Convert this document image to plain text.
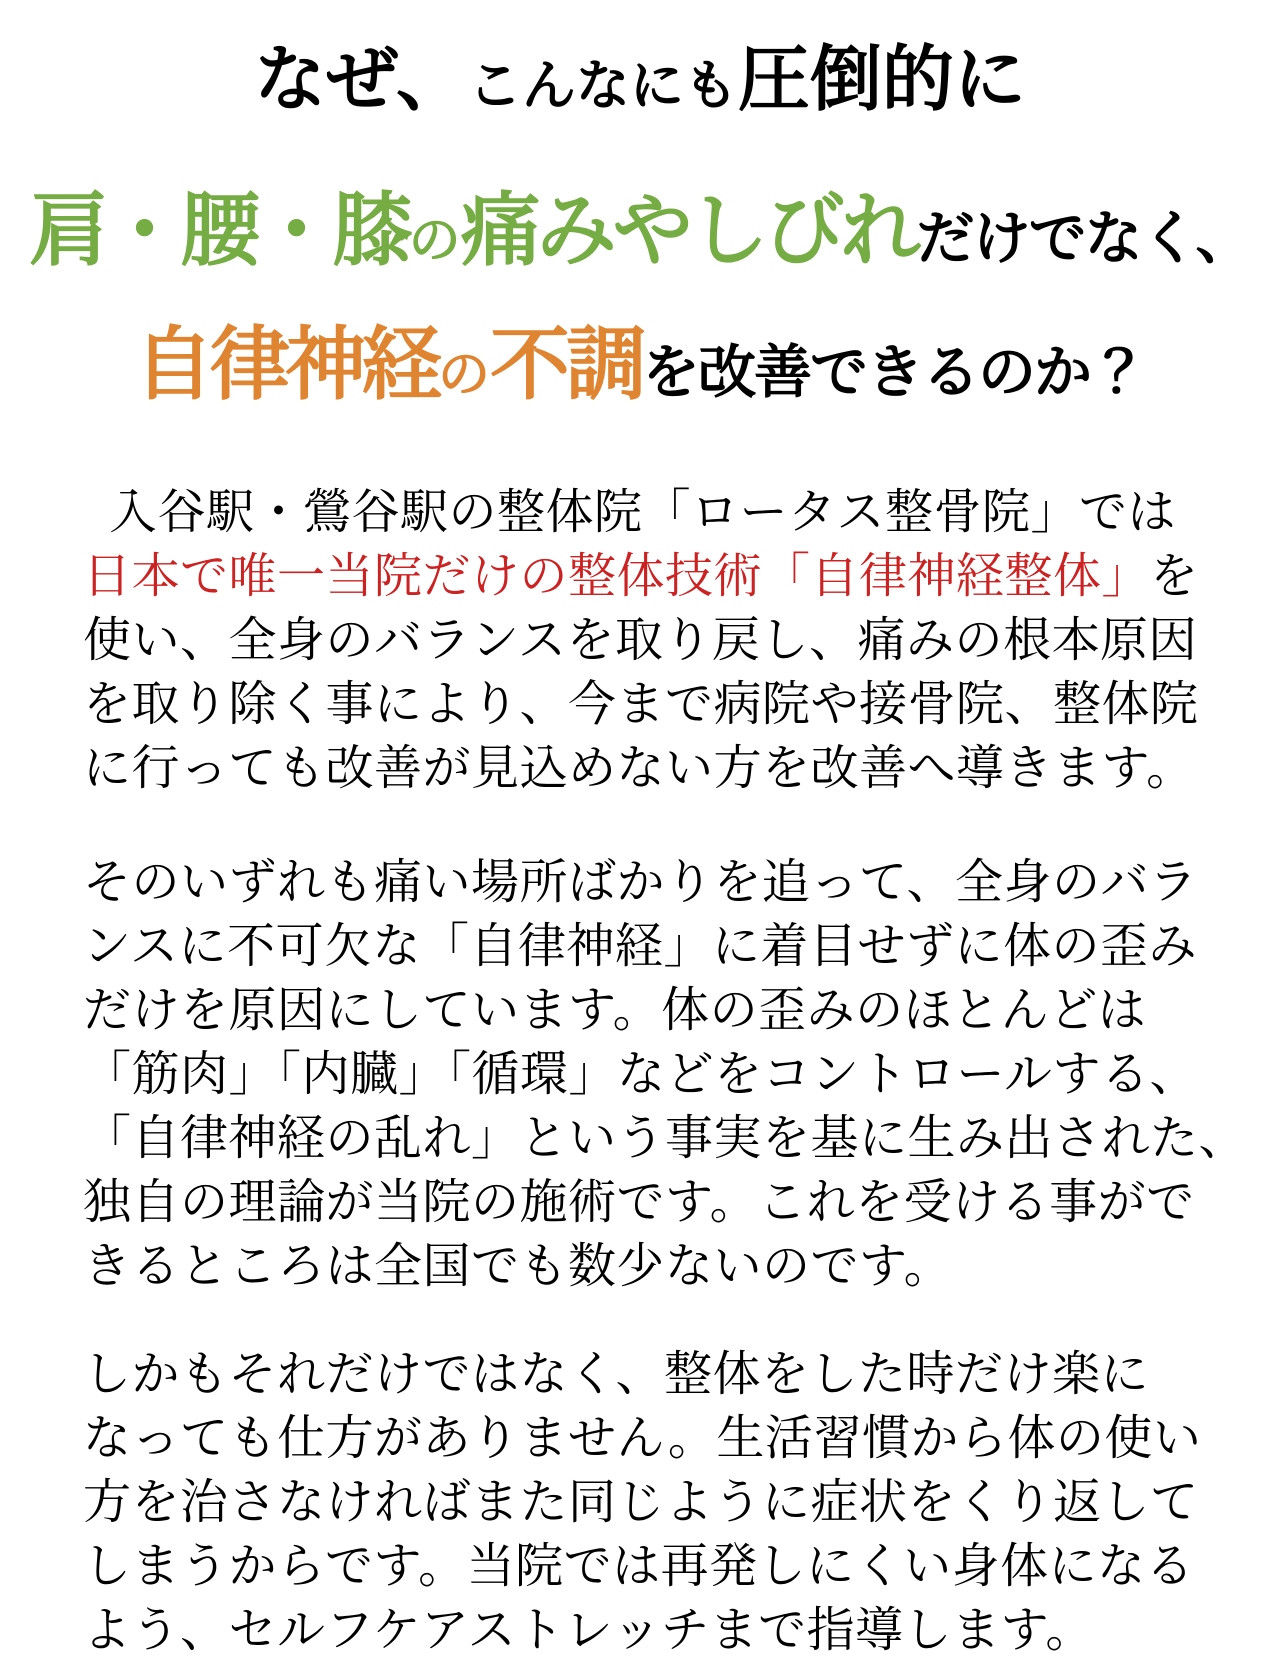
なぜ、こんなにも圧倒的に
肩・腰・膝の痛みやしびれだけでなく、
自律神経の不調を改善できるのか？
入谷駅・鶯谷駅の整体院「ロータス整骨院」では
日本で唯一当院だけの整体技術「自律神経整体」を
使い、全身のバランスを取り戻し、痛みの根本原因
を取り除く事により、今まで病院や接骨院、整体院
に行っても改善が見込めない方を改善へ導きます。
そのいずれも痛い場所ばかりを追って、全身のバラ
ンスに不可欠な「自律神経」に着目せずに体の歪み
だけを原因にしています。体の歪みのほとんどは
「筋肉」「内臓」「循環」などをコントロールする、
「自律神経の乱れ」という事実を基に生み出された、
独自の理論が当院の施術です。これを受ける事がで
きるところは全国でも数少ないのです。
しかもそれだけではなく、整体をした時だけ楽に
なっても仕方がありません。生活習慣から体の使い
方を治さなければまた同じように症状をくり返して
しまうからです。当院では再発しにくい身体になる
よう、セルフケアストレッチまで指導します。
